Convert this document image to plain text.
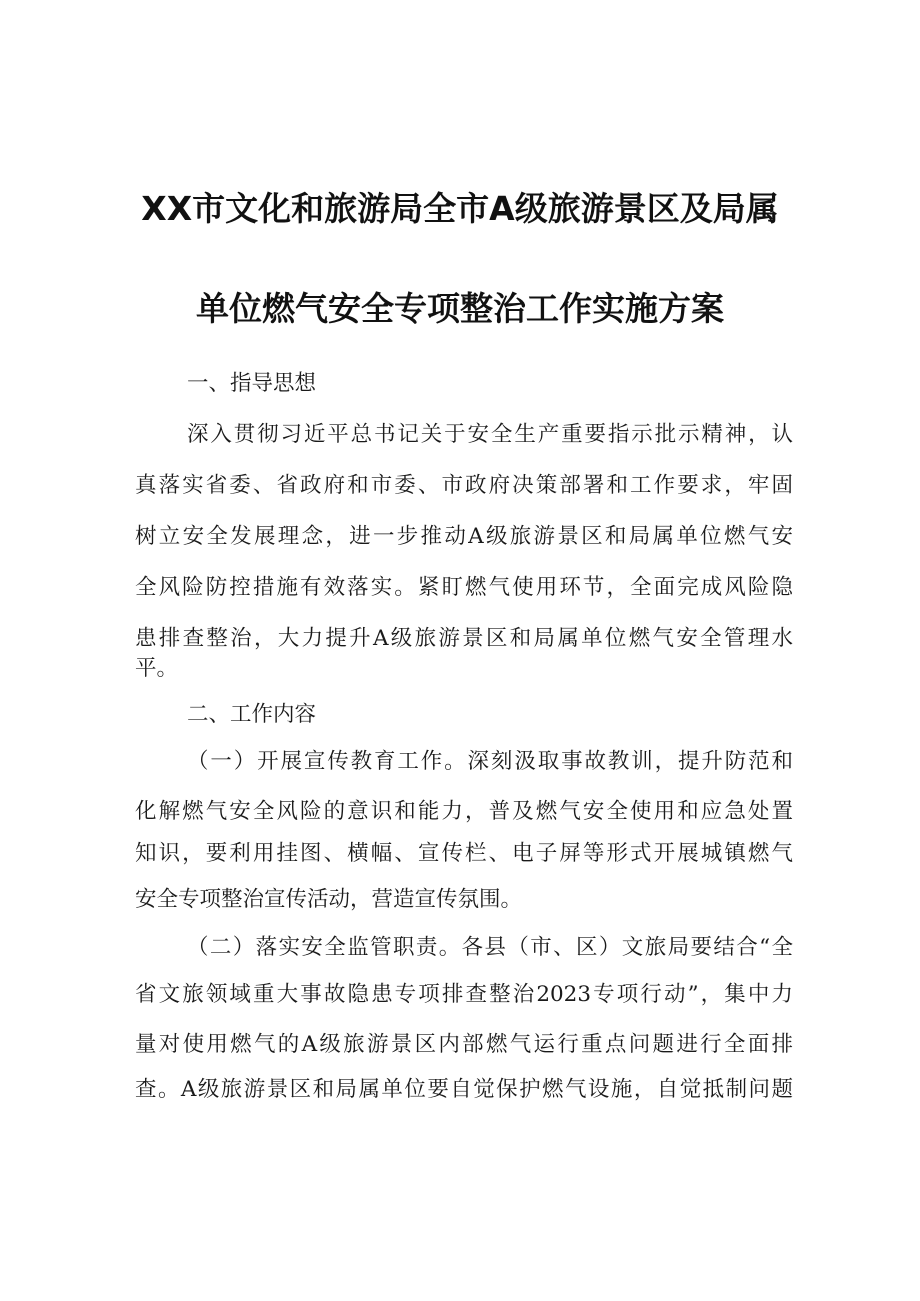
XX市文化和旅游局全市A级旅游景区及局属
单位燃气安全专项整治工作实施方案
一、指导思想
深入贯彻习近平总书记关于安全生产重要指示批示精神，认
真落实省委、省政府和市委、市政府决策部署和工作要求，牢固
树立安全发展理念，进一步推动A级旅游景区和局属单位燃气安
全风险防控措施有效落实。紧盯燃气使用环节，全面完成风险隐
患排查整治，大力提升A级旅游景区和局属单位燃气安全管理水
平。
二、工作内容
（一）开展宣传教育工作。深刻汲取事故教训，提升防范和
化解燃气安全风险的意识和能力，普及燃气安全使用和应急处置
知识，要利用挂图、横幅、宣传栏、电子屏等形式开展城镇燃气
安全专项整治宣传活动，营造宣传氛围。
（二）落实安全监管职责。各县（市、区）文旅局要结合“全
省文旅领域重大事故隐患专项排查整治2023专项行动”，集中力
量对使用燃气的A级旅游景区内部燃气运行重点问题进行全面排
查。A级旅游景区和局属单位要自觉保护燃气设施，自觉抵制问题
